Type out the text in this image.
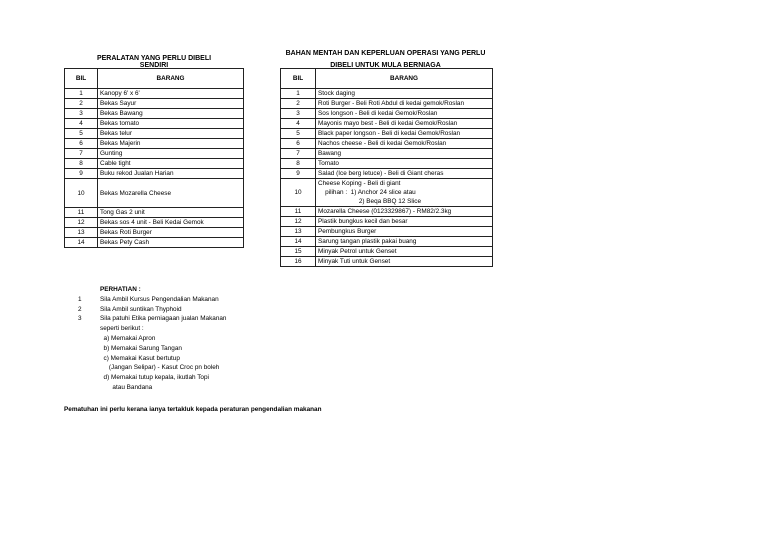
PERALATAN YANG PERLU DIBELI SENDIRI
BIL	BARANG
1	Kanopy 6' x 6'
2	Bekas Sayur
3	Bekas Bawang
4	Bekas tomato
5	Bekas telur
6	Bekas Majerin
7	Gunting
8	Cable tight
9	Buku rekod Jualan Harian
10	Bekas Mozarella Cheese
11	Tong Gas 2 unit
12	Bekas sos 4 unit - Beli Kedai Gemok
13	Bekas Roti Burger
14	Bekas Pety Cash
BAHAN MENTAH DAN KEPERLUAN OPERASI YANG PERLU
DIBELI UNTUK MULA BERNIAGA
BIL	BARANG
1	Stock daging
2	Roti Burger - Beli Roti Abdul di kedai gemok/Roslan
3	Sos longson - Beli di kedai Gemok/Roslan
4	Mayonis mayo best - Beli di kedai Gemok/Roslan
5	Black paper longson - Beli di kedai Gemok/Roslan
6	Nachos cheese - Beli di kedai Gemok/Roslan
7	Bawang
8	Tomato
9	Salad (Ice berg letuce) - Beli di Giant cheras
10	Cheese Koping - Beli di giant
pilihan :  1) Anchor 24 slice atau
2) Beqa BBQ 12 Slice
11	Mozarella Cheese (0123329867) - RM82/2.3kg
12	Plastik bungkus kecil dan besar
13	Pembungkus Burger
14	Sarung tangan plastik pakai buang
15	Minyak Petrol untuk Genset
16	Minyak Tuti untuk Genset
PERHATIAN :
1	Sila Ambil Kursus Pengendalian Makanan
2	Sila Ambil suntikan Thyphoid
3	Sila patuhi Etika perniagaan jualan Makanan
seperti berikut :
a) Memakai Apron
b) Memakai Sarung Tangan
c) Memakai Kasut bertutup
(Jangan Selipar) - Kasut Croc pn boleh
d) Memakai tutup kepala, ikutlah Topi
atau Bandana
Pematuhan ini perlu kerana ianya tertakluk kepada peraturan pengendalian makanan
